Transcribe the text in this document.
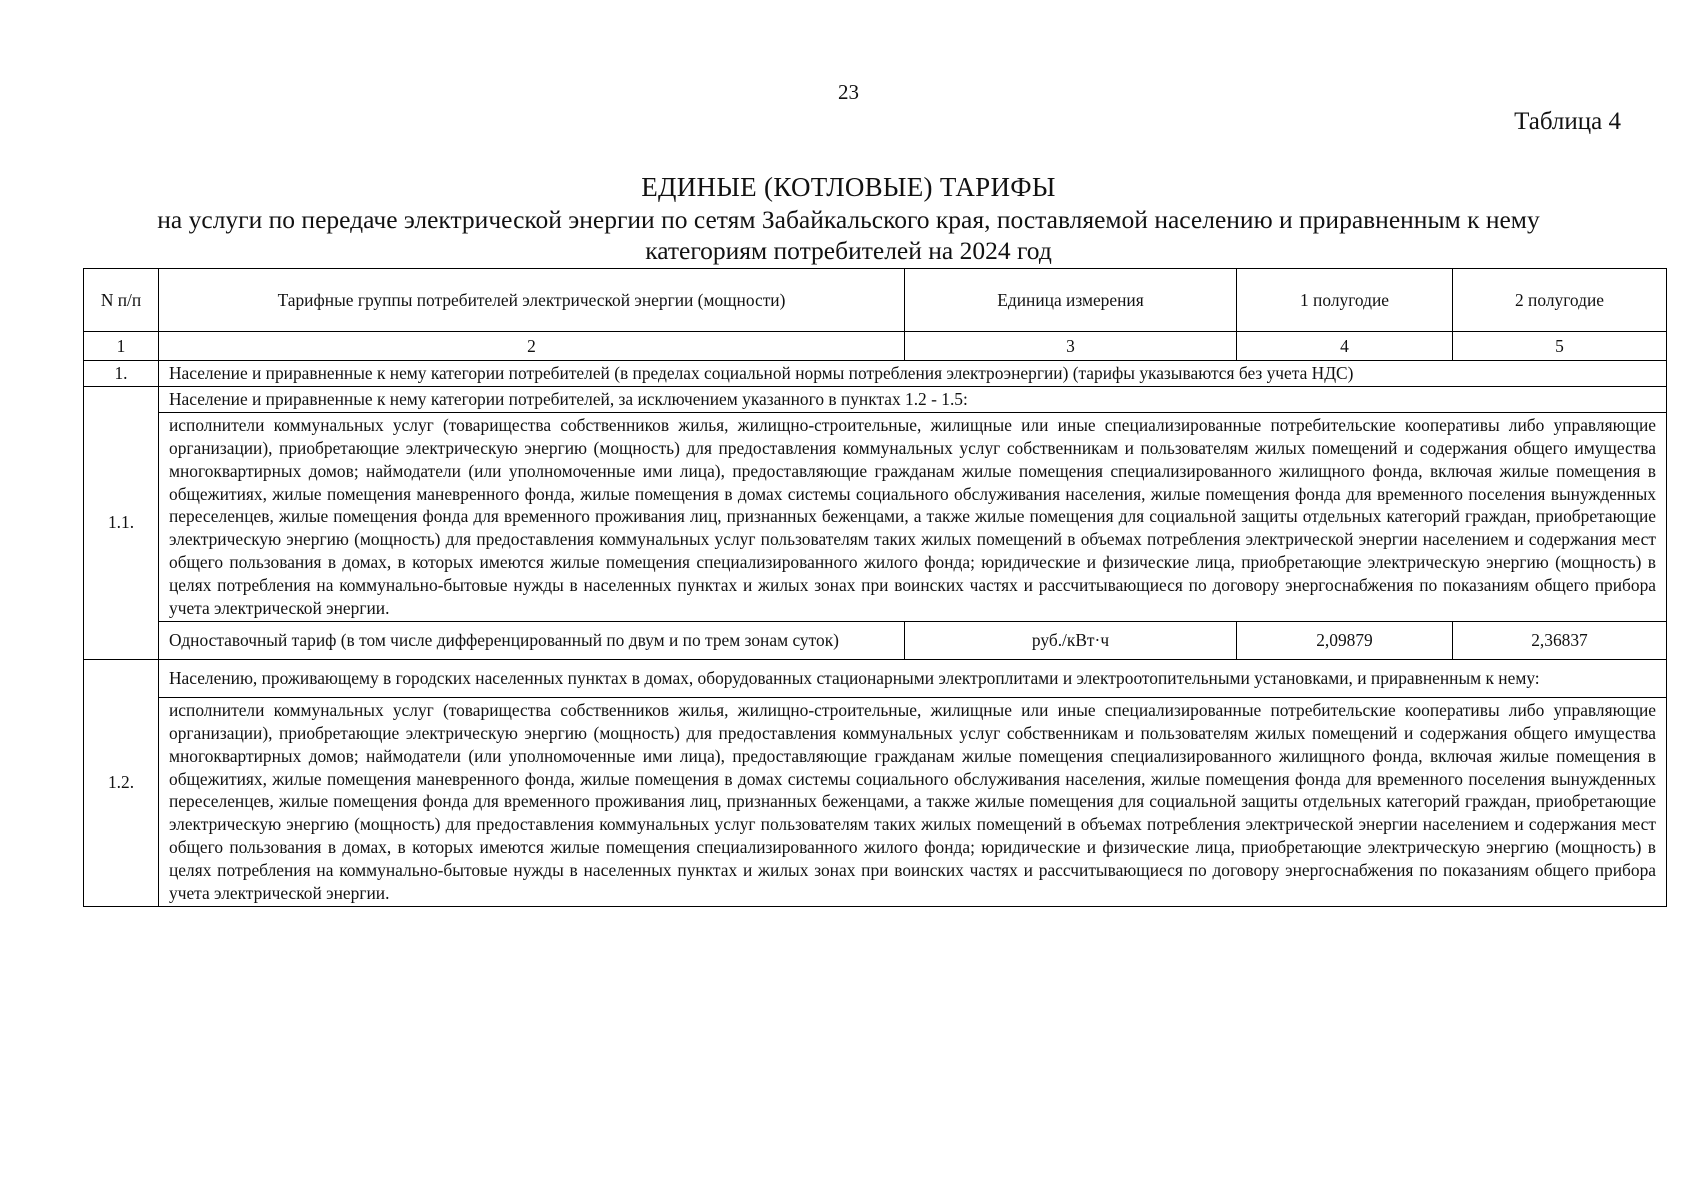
23
Таблица 4
ЕДИНЫЕ (КОТЛОВЫЕ) ТАРИФЫ
на услуги по передаче электрической энергии по сетям Забайкальского края, поставляемой населению и приравненным к нему категориям потребителей на 2024 год
N п/п	Тарифные группы потребителей электрической энергии (мощности)	Единица измерения	1 полугодие	2 полугодие
1	2	3	4	5
1.	Население и приравненные к нему категории потребителей (в пределах социальной нормы потребления электроэнергии) (тарифы указываются без учета НДС)			
1.1.	Население и приравненные к нему категории потребителей, за исключением указанного в пунктах 1.2 - 1.5:			
	исполнители коммунальных услуг (товарищества собственников жилья, жилищно-строительные, жилищные или иные специализированные потребительские кооперативы либо управляющие организации), приобретающие электрическую энергию (мощность) для предоставления коммунальных услуг собственникам и пользователям жилых помещений и содержания общего имущества многоквартирных домов; наймодатели (или уполномоченные ими лица), предоставляющие гражданам жилые помещения специализированного жилищного фонда, включая жилые помещения в общежитиях, жилые помещения маневренного фонда, жилые помещения в домах системы социального обслуживания населения, жилые помещения фонда для временного поселения вынужденных переселенцев, жилые помещения фонда для временного проживания лиц, признанных беженцами, а также жилые помещения для социальной защиты отдельных категорий граждан, приобретающие электрическую энергию (мощность) для предоставления коммунальных услуг пользователям таких жилых помещений в объемах потребления электрической энергии населением и содержания мест общего пользования в домах, в которых имеются жилые помещения специализированного жилого фонда; юридические и физические лица, приобретающие электрическую энергию (мощность) в целях потребления на коммунально-бытовые нужды в населенных пунктах и жилых зонах при воинских частях и рассчитывающиеся по договору энергоснабжения по показаниям общего прибора учета электрической энергии.			
	Одноставочный тариф (в том числе дифференцированный по двум и по трем зонам суток)	руб./кВт·ч	2,09879	2,36837
1.2.	Населению, проживающему в городских населенных пунктах в домах, оборудованных стационарными электроплитами и электроотопительными установками, и приравненным к нему:			
	исполнители коммунальных услуг (товарищества собственников жилья, жилищно-строительные, жилищные или иные специализированные потребительские кооперативы либо управляющие организации), приобретающие электрическую энергию (мощность) для предоставления коммунальных услуг собственникам и пользователям жилых помещений и содержания общего имущества многоквартирных домов; наймодатели (или уполномоченные ими лица), предоставляющие гражданам жилые помещения специализированного жилищного фонда, включая жилые помещения в общежитиях, жилые помещения маневренного фонда, жилые помещения в домах системы социального обслуживания населения, жилые помещения фонда для временного поселения вынужденных переселенцев, жилые помещения фонда для временного проживания лиц, признанных беженцами, а также жилые помещения для социальной защиты отдельных категорий граждан, приобретающие электрическую энергию (мощность) для предоставления коммунальных услуг пользователям таких жилых помещений в объемах потребления электрической энергии населением и содержания мест общего пользования в домах, в которых имеются жилые помещения специализированного жилого фонда; юридические и физические лица, приобретающие электрическую энергию (мощность) в целях потребления на коммунально-бытовые нужды в населенных пунктах и жилых зонах при воинских частях и рассчитывающиеся по договору энергоснабжения по показаниям общего прибора учета электрической энергии.			
